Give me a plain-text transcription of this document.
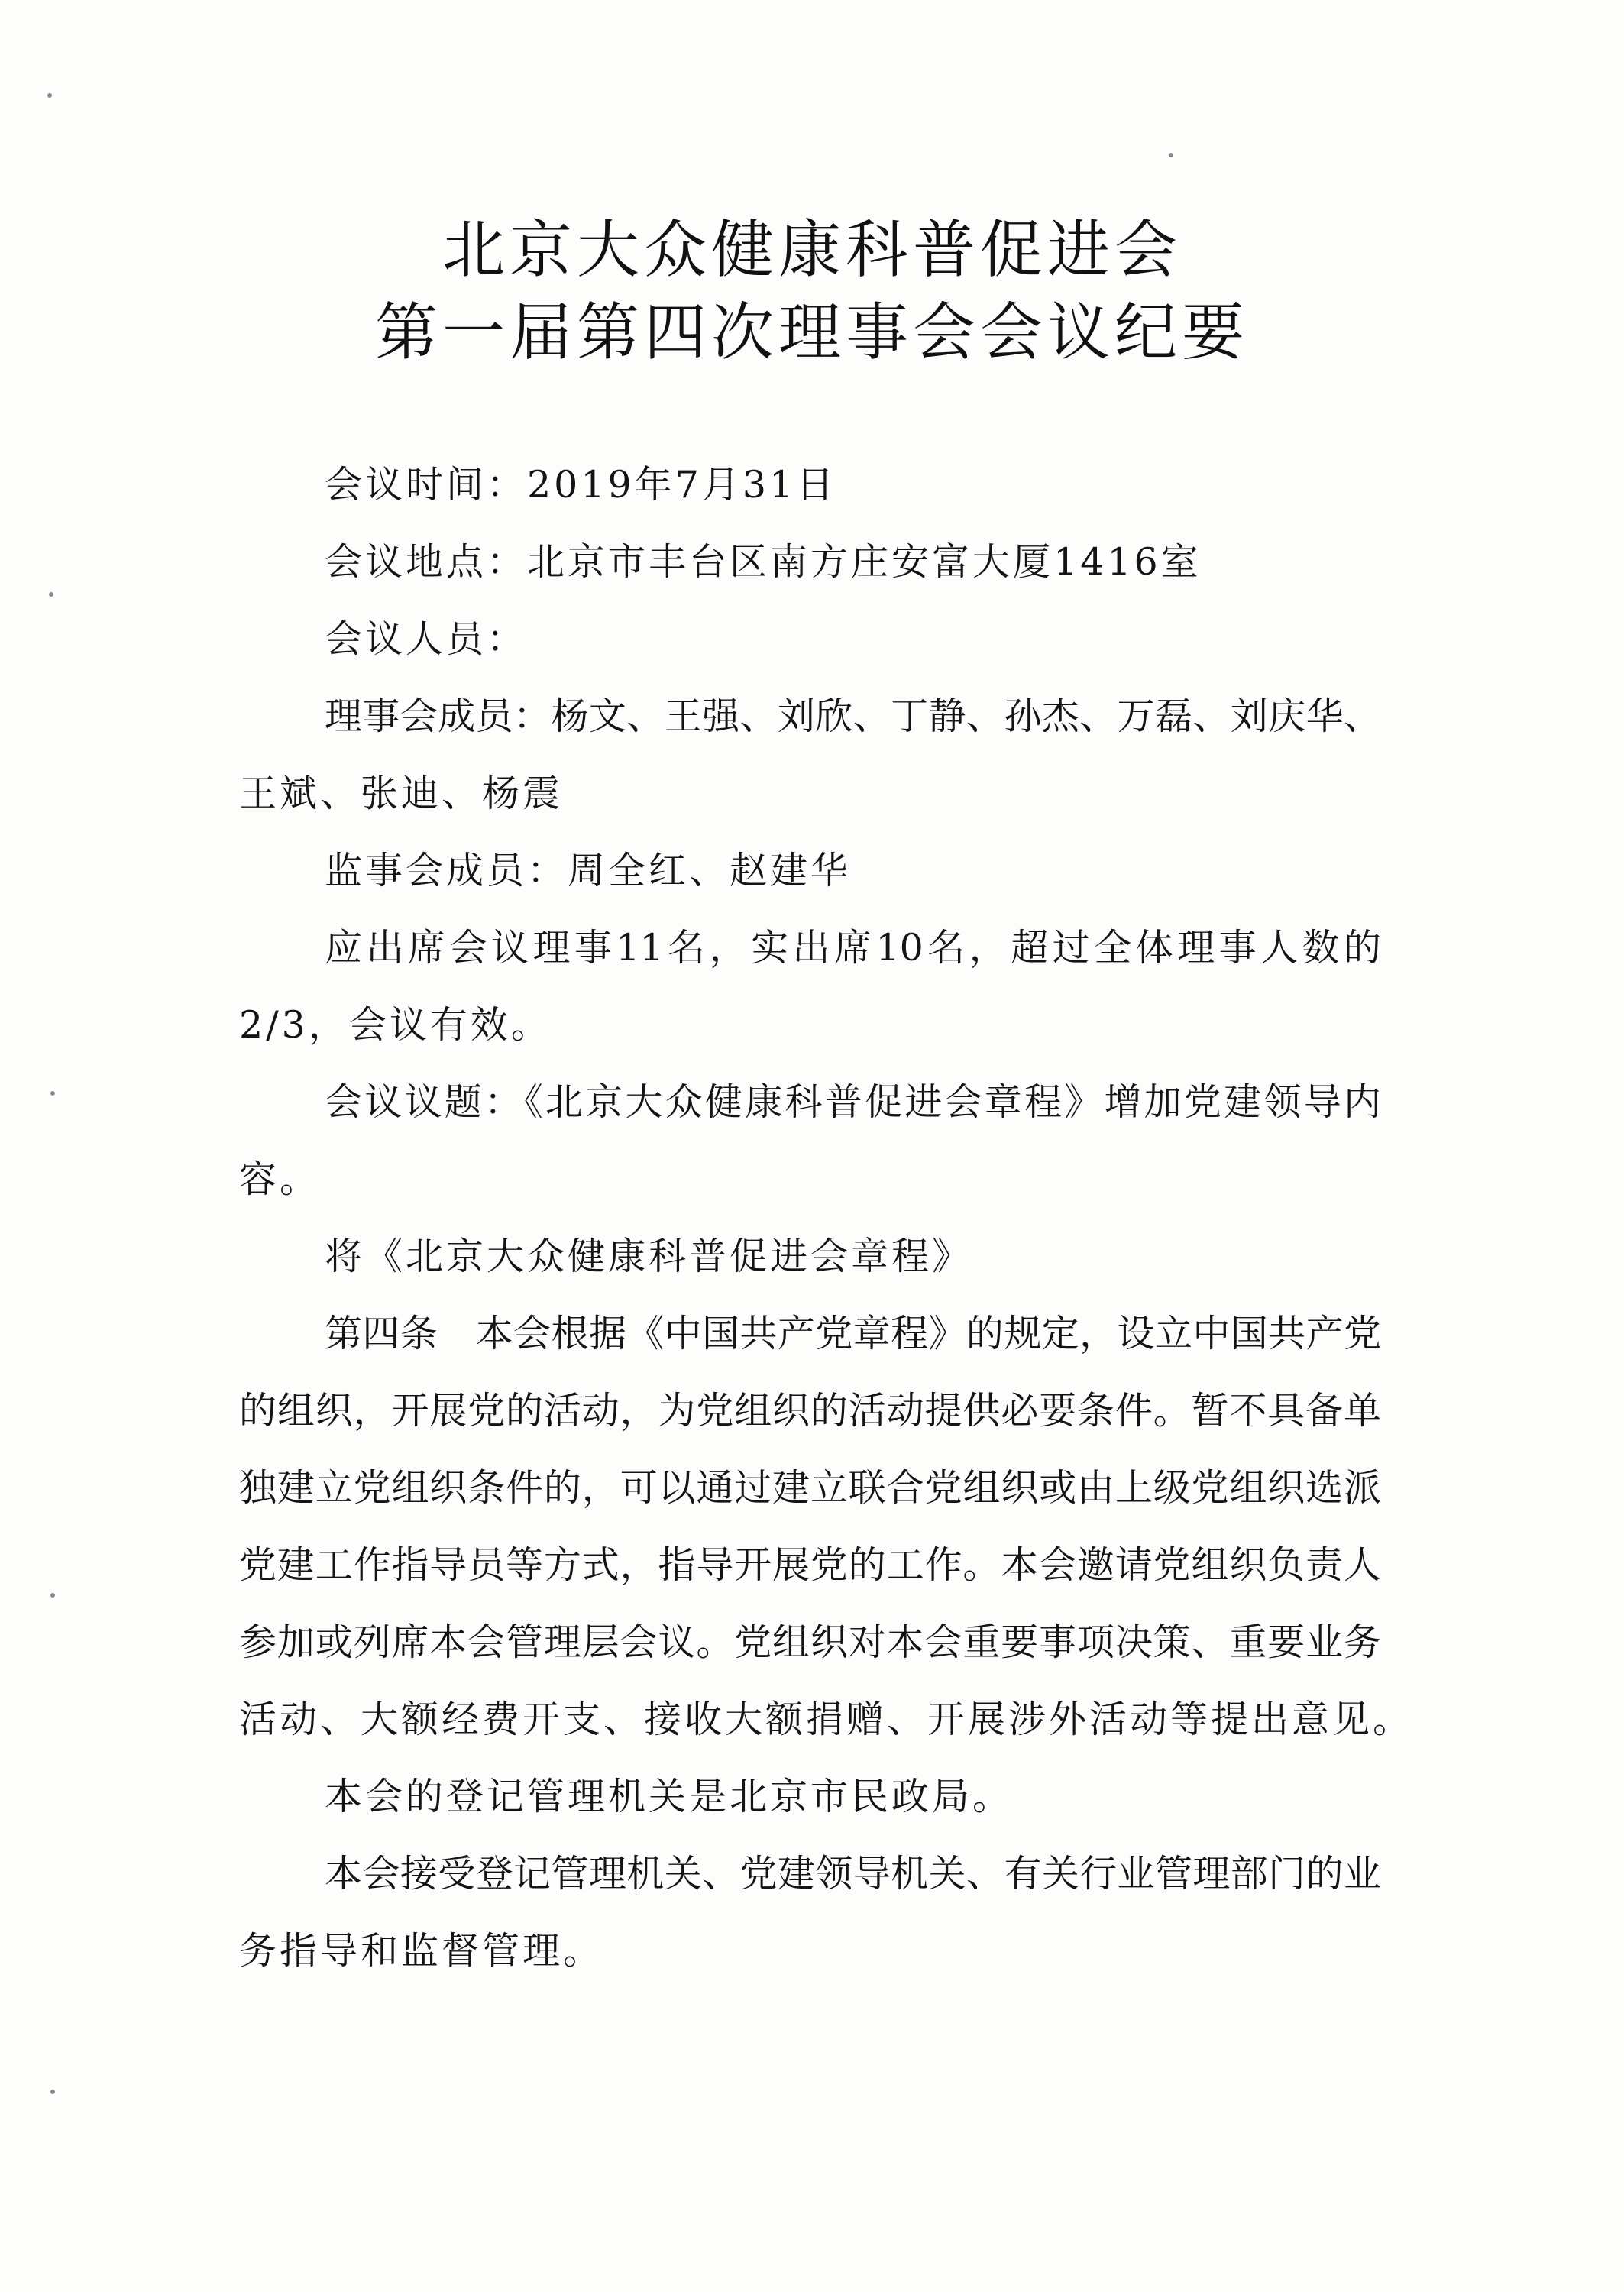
北京大众健康科普促进会
第一届第四次理事会会议纪要
会议时间：2019年7月31日
会议地点：北京市丰台区南方庄安富大厦1416室
会议人员：
理事会成员：杨文、王强、刘欣、丁静、孙杰、万磊、刘庆华、
王斌、张迪、杨震
监事会成员：周全红、赵建华
应出席会议理事11名，实出席10名，超过全体理事人数的
2/3，会议有效。
会议议题：《北京大众健康科普促进会章程》增加党建领导内
容。
将《北京大众健康科普促进会章程》
第四条　本会根据《中国共产党章程》的规定，设立中国共产党
的组织，开展党的活动，为党组织的活动提供必要条件。暂不具备单
独建立党组织条件的，可以通过建立联合党组织或由上级党组织选派
党建工作指导员等方式，指导开展党的工作。本会邀请党组织负责人
参加或列席本会管理层会议。党组织对本会重要事项决策、重要业务
活动、大额经费开支、接收大额捐赠、开展涉外活动等提出意见。
本会的登记管理机关是北京市民政局。
本会接受登记管理机关、党建领导机关、有关行业管理部门的业
务指导和监督管理。
